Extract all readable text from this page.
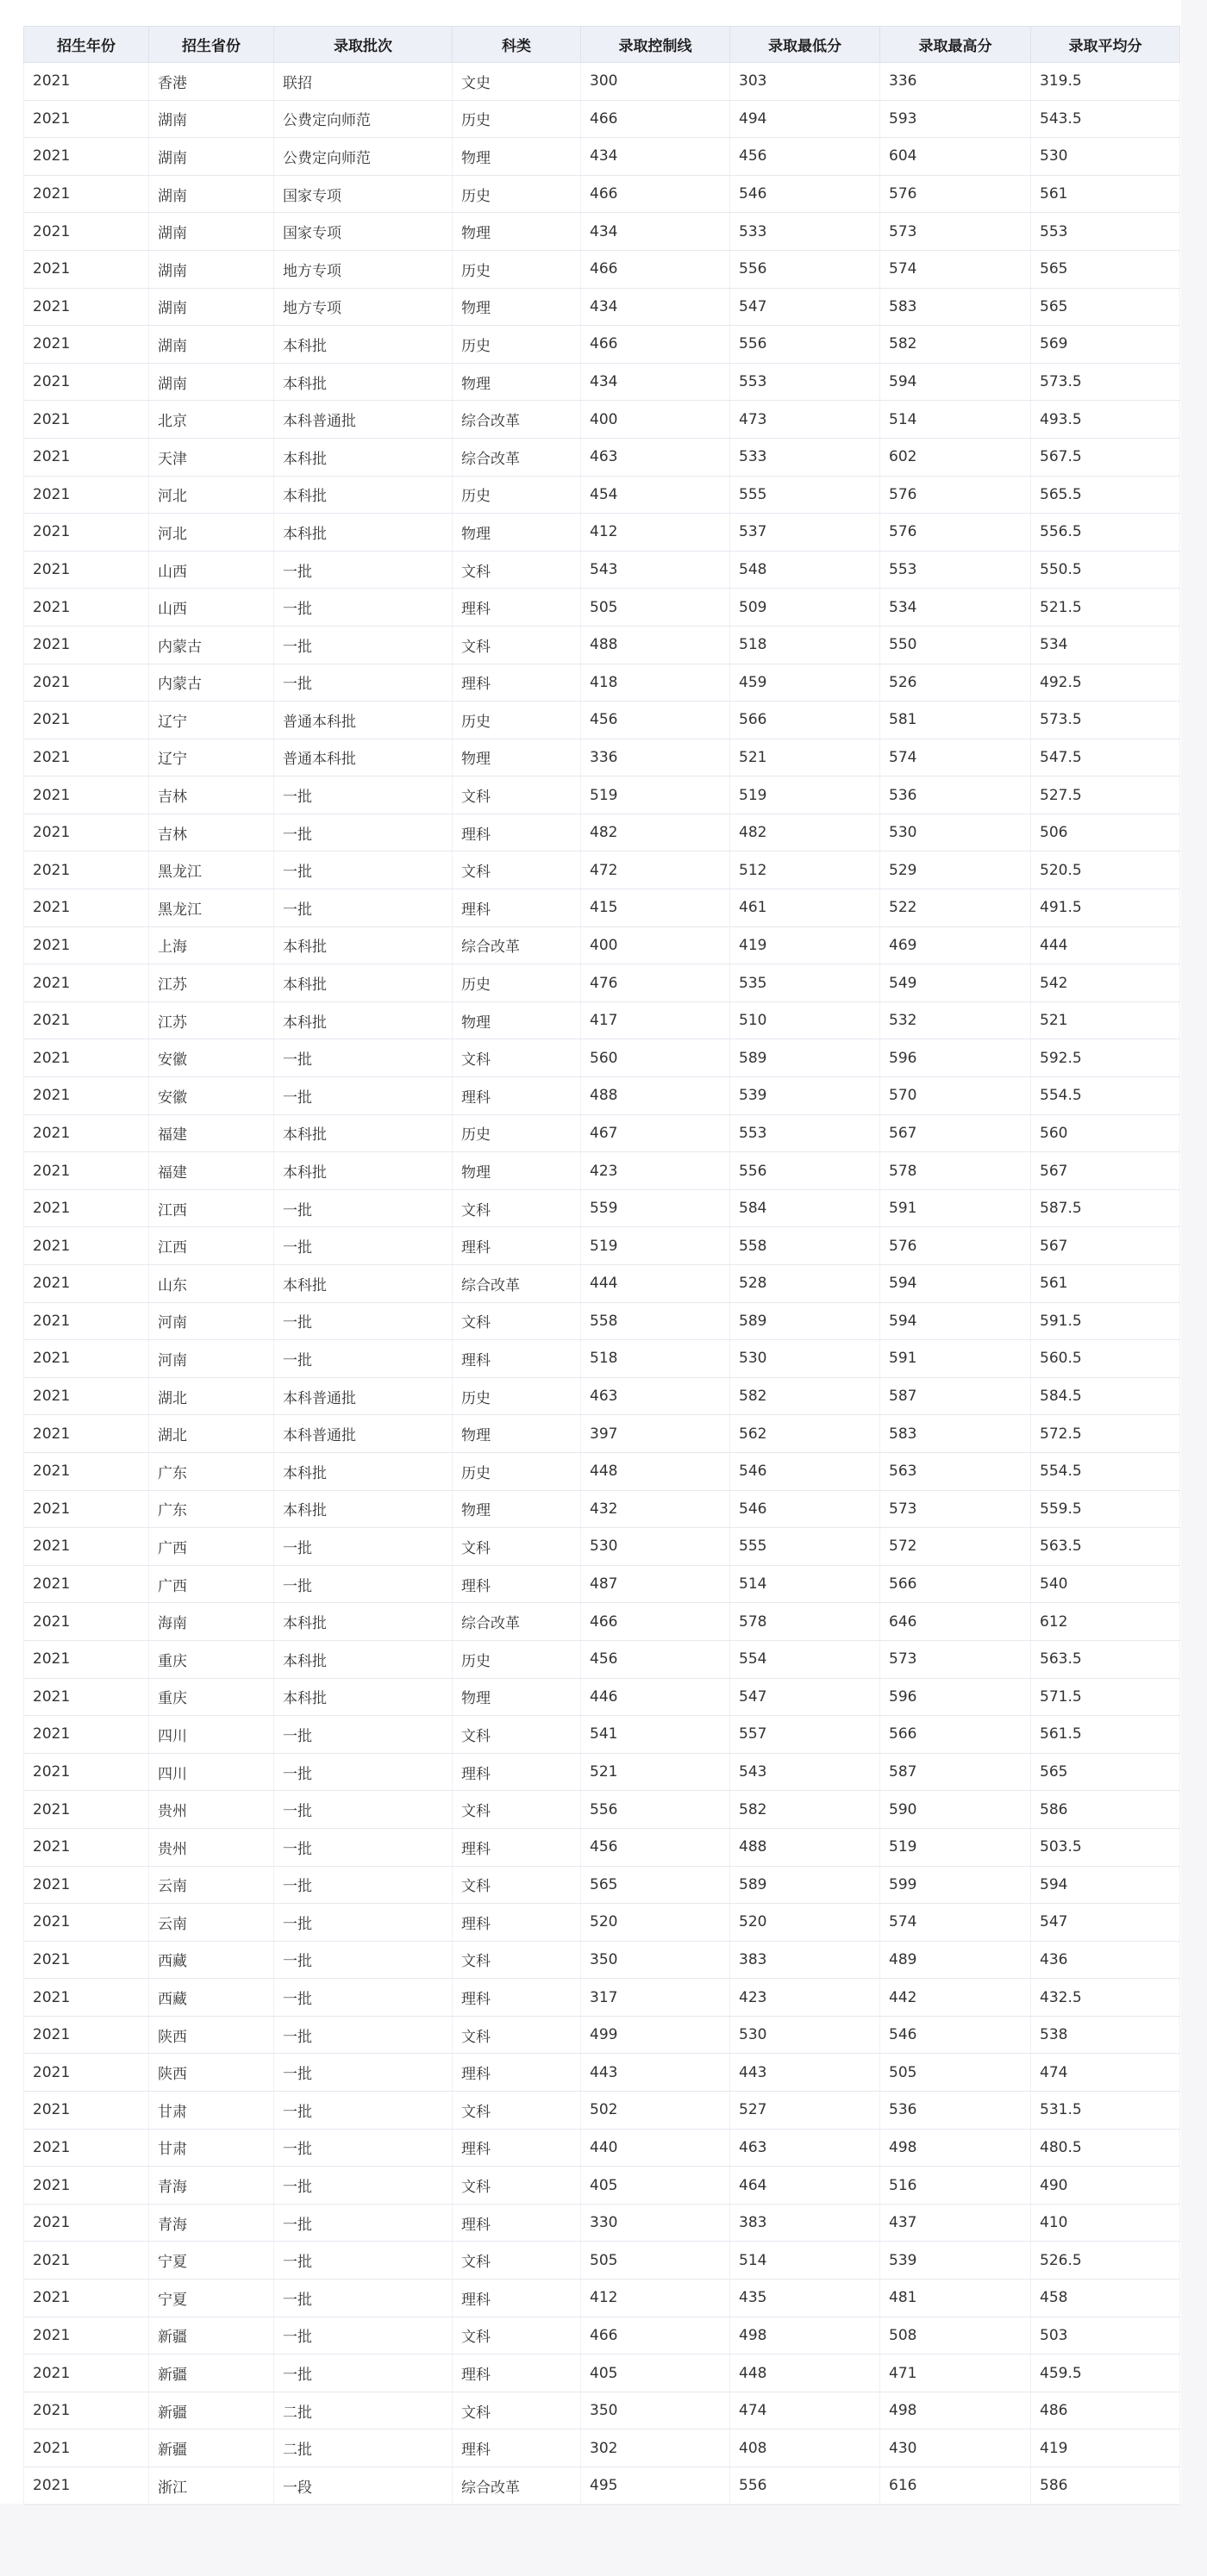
招生年份	招生省份	录取批次	科类	录取控制线	录取最低分	录取最高分	录取平均分
2021	香港	联招	文史	300	303	336	319.5
2021	湖南	公费定向师范	历史	466	494	593	543.5
2021	湖南	公费定向师范	物理	434	456	604	530
2021	湖南	国家专项	历史	466	546	576	561
2021	湖南	国家专项	物理	434	533	573	553
2021	湖南	地方专项	历史	466	556	574	565
2021	湖南	地方专项	物理	434	547	583	565
2021	湖南	本科批	历史	466	556	582	569
2021	湖南	本科批	物理	434	553	594	573.5
2021	北京	本科普通批	综合改革	400	473	514	493.5
2021	天津	本科批	综合改革	463	533	602	567.5
2021	河北	本科批	历史	454	555	576	565.5
2021	河北	本科批	物理	412	537	576	556.5
2021	山西	一批	文科	543	548	553	550.5
2021	山西	一批	理科	505	509	534	521.5
2021	内蒙古	一批	文科	488	518	550	534
2021	内蒙古	一批	理科	418	459	526	492.5
2021	辽宁	普通本科批	历史	456	566	581	573.5
2021	辽宁	普通本科批	物理	336	521	574	547.5
2021	吉林	一批	文科	519	519	536	527.5
2021	吉林	一批	理科	482	482	530	506
2021	黑龙江	一批	文科	472	512	529	520.5
2021	黑龙江	一批	理科	415	461	522	491.5
2021	上海	本科批	综合改革	400	419	469	444
2021	江苏	本科批	历史	476	535	549	542
2021	江苏	本科批	物理	417	510	532	521
2021	安徽	一批	文科	560	589	596	592.5
2021	安徽	一批	理科	488	539	570	554.5
2021	福建	本科批	历史	467	553	567	560
2021	福建	本科批	物理	423	556	578	567
2021	江西	一批	文科	559	584	591	587.5
2021	江西	一批	理科	519	558	576	567
2021	山东	本科批	综合改革	444	528	594	561
2021	河南	一批	文科	558	589	594	591.5
2021	河南	一批	理科	518	530	591	560.5
2021	湖北	本科普通批	历史	463	582	587	584.5
2021	湖北	本科普通批	物理	397	562	583	572.5
2021	广东	本科批	历史	448	546	563	554.5
2021	广东	本科批	物理	432	546	573	559.5
2021	广西	一批	文科	530	555	572	563.5
2021	广西	一批	理科	487	514	566	540
2021	海南	本科批	综合改革	466	578	646	612
2021	重庆	本科批	历史	456	554	573	563.5
2021	重庆	本科批	物理	446	547	596	571.5
2021	四川	一批	文科	541	557	566	561.5
2021	四川	一批	理科	521	543	587	565
2021	贵州	一批	文科	556	582	590	586
2021	贵州	一批	理科	456	488	519	503.5
2021	云南	一批	文科	565	589	599	594
2021	云南	一批	理科	520	520	574	547
2021	西藏	一批	文科	350	383	489	436
2021	西藏	一批	理科	317	423	442	432.5
2021	陕西	一批	文科	499	530	546	538
2021	陕西	一批	理科	443	443	505	474
2021	甘肃	一批	文科	502	527	536	531.5
2021	甘肃	一批	理科	440	463	498	480.5
2021	青海	一批	文科	405	464	516	490
2021	青海	一批	理科	330	383	437	410
2021	宁夏	一批	文科	505	514	539	526.5
2021	宁夏	一批	理科	412	435	481	458
2021	新疆	一批	文科	466	498	508	503
2021	新疆	一批	理科	405	448	471	459.5
2021	新疆	二批	文科	350	474	498	486
2021	新疆	二批	理科	302	408	430	419
2021	浙江	一段	综合改革	495	556	616	586
